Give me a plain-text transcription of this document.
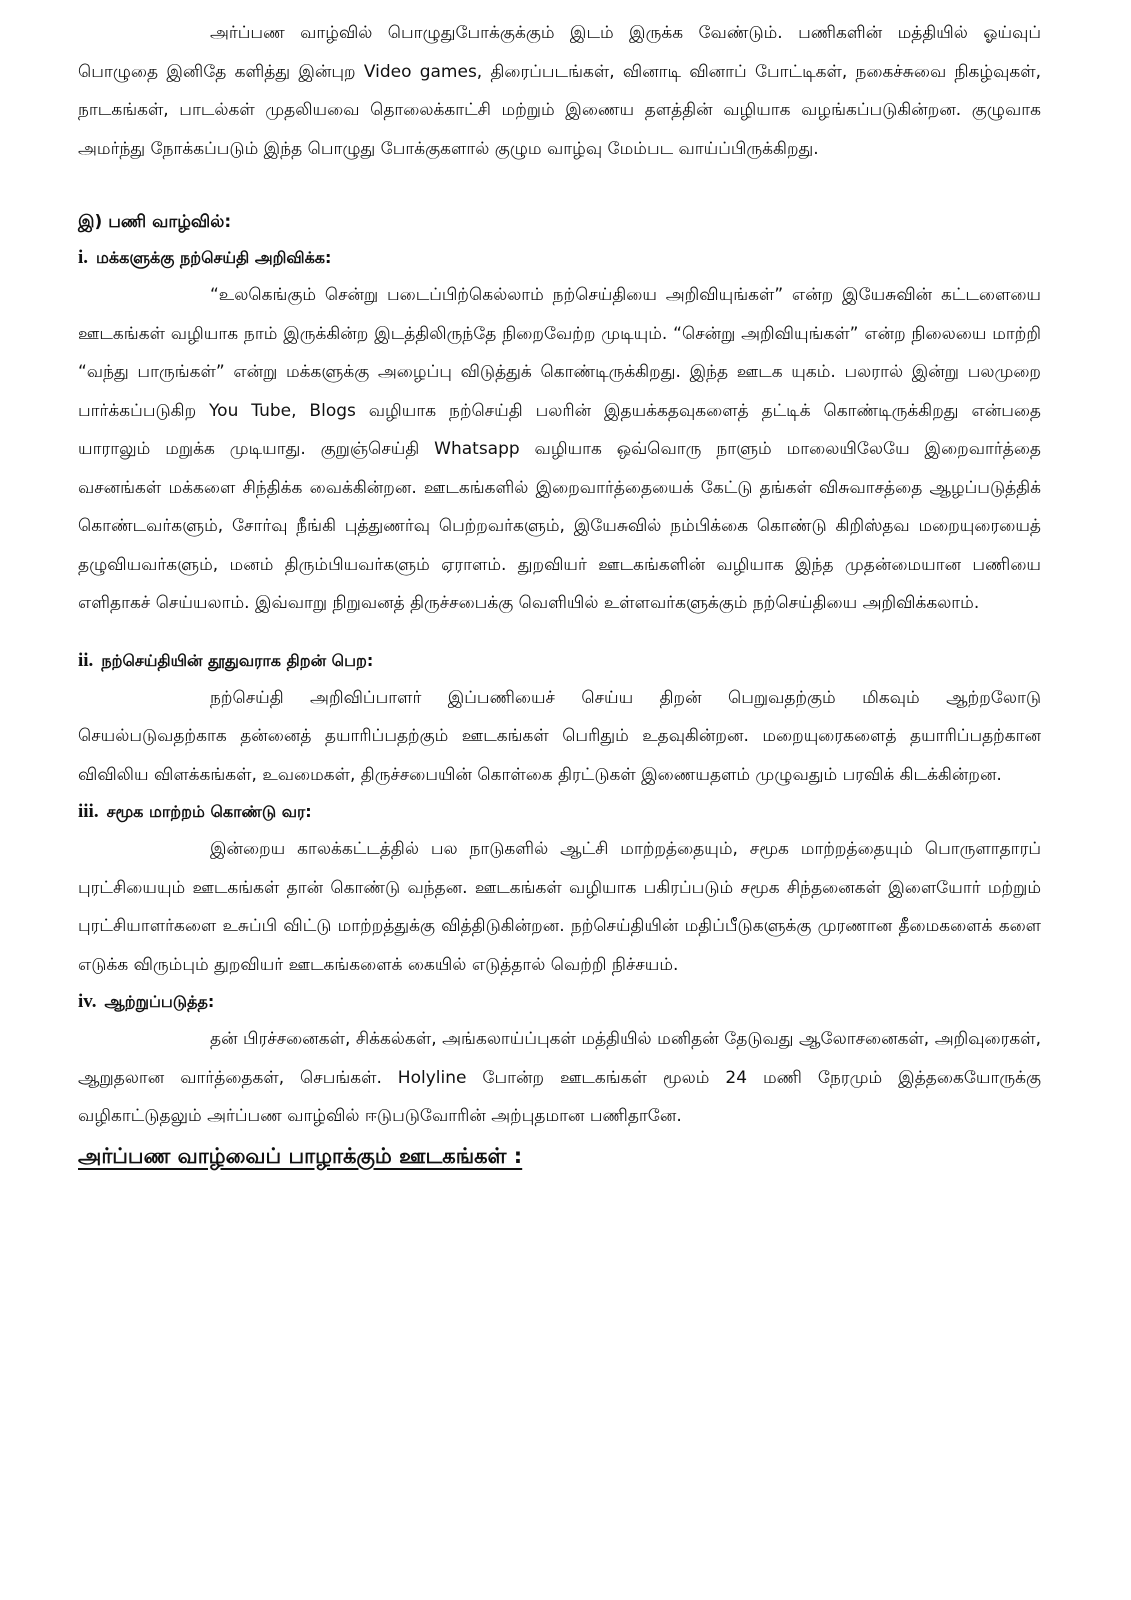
அர்ப்பண வாழ்வில் பொழுதுபோக்குக்கும் இடம் இருக்க வேண்டும். பணிகளின் மத்தியில் ஓய்வுப் பொழுதை இனிதே களித்து இன்புற Video games, திரைப்படங்கள், வினாடி வினாப் போட்டிகள், நகைச்சுவை நிகழ்வுகள், நாடகங்கள், பாடல்கள் முதலியவை தொலைக்காட்சி மற்றும் இணைய தளத்தின் வழியாக வழங்கப்படுகின்றன. குழுவாக அமர்ந்து நோக்கப்படும் இந்த பொழுது போக்குகளால் குழும வாழ்வு மேம்பட வாய்ப்பிருக்கிறது.

இ) பணி வாழ்வில்:
i. மக்களுக்கு நற்செய்தி அறிவிக்க:

“உலகெங்கும் சென்று படைப்பிற்கெல்லாம் நற்செய்தியை அறிவியுங்கள்” என்ற இயேசுவின் கட்டளையை ஊடகங்கள் வழியாக நாம் இருக்கின்ற இடத்திலிருந்தே நிறைவேற்ற முடியும். “சென்று அறிவியுங்கள்” என்ற நிலையை மாற்றி “வந்து பாருங்கள்” என்று மக்களுக்கு அழைப்பு விடுத்துக் கொண்டிருக்கிறது. இந்த ஊடக யுகம். பலரால் இன்று பலமுறை பார்க்கப்படுகிற You Tube, Blogs வழியாக நற்செய்தி பலரின் இதயக்கதவுகளைத் தட்டிக் கொண்டிருக்கிறது என்பதை யாராலும் மறுக்க முடியாது. குறுஞ்செய்தி Whatsapp வழியாக ஒவ்வொரு நாளும் மாலையிலேயே இறைவார்த்தை வசனங்கள் மக்களை சிந்திக்க வைக்கின்றன. ஊடகங்களில் இறைவார்த்தையைக் கேட்டு தங்கள் விசுவாசத்தை ஆழப்படுத்திக் கொண்டவர்களும், சோர்வு நீங்கி புத்துணர்வு பெற்றவர்களும், இயேசுவில் நம்பிக்கை கொண்டு கிறிஸ்தவ மறையுரையைத் தழுவியவர்களும், மனம் திரும்பியவர்களும் ஏராளம். துறவியர் ஊடகங்களின் வழியாக இந்த முதன்மையான பணியை எளிதாகச் செய்யலாம். இவ்வாறு நிறுவனத் திருச்சபைக்கு வெளியில் உள்ளவர்களுக்கும் நற்செய்தியை அறிவிக்கலாம்.

ii. நற்செய்தியின் தூதுவராக திறன் பெற:

நற்செய்தி அறிவிப்பாளர் இப்பணியைச் செய்ய திறன் பெறுவதற்கும் மிகவும் ஆற்றலோடு செயல்படுவதற்காக தன்னைத் தயாரிப்பதற்கும் ஊடகங்கள் பெரிதும் உதவுகின்றன. மறையுரைகளைத் தயாரிப்பதற்கான விவிலிய விளக்கங்கள், உவமைகள், திருச்சபையின் கொள்கை திரட்டுகள் இணையதளம் முழுவதும் பரவிக் கிடக்கின்றன.

iii. சமூக மாற்றம் கொண்டு வர:

இன்றைய காலக்கட்டத்தில் பல நாடுகளில் ஆட்சி மாற்றத்தையும், சமூக மாற்றத்தையும் பொருளாதாரப் புரட்சியையும் ஊடகங்கள் தான் கொண்டு வந்தன. ஊடகங்கள் வழியாக பகிரப்படும் சமூக சிந்தனைகள் இளையோர் மற்றும் புரட்சியாளர்களை உசுப்பி விட்டு மாற்றத்துக்கு வித்திடுகின்றன. நற்செய்தியின் மதிப்பீடுகளுக்கு முரணான தீமைகளைக் களை எடுக்க விரும்பும் துறவியர் ஊடகங்களைக் கையில் எடுத்தால் வெற்றி நிச்சயம்.

iv. ஆற்றுப்படுத்த:

தன் பிரச்சனைகள், சிக்கல்கள், அங்கலாய்ப்புகள் மத்தியில் மனிதன் தேடுவது ஆலோசனைகள், அறிவுரைகள், ஆறுதலான வார்த்தைகள், செபங்கள். Holyline போன்ற ஊடகங்கள் மூலம் 24 மணி நேரமும் இத்தகையோருக்கு வழிகாட்டுதலும் அர்ப்பண வாழ்வில் ஈடுபடுவோரின் அற்புதமான பணிதானே.

அர்ப்பண வாழ்வைப் பாழாக்கும் ஊடகங்கள் :
